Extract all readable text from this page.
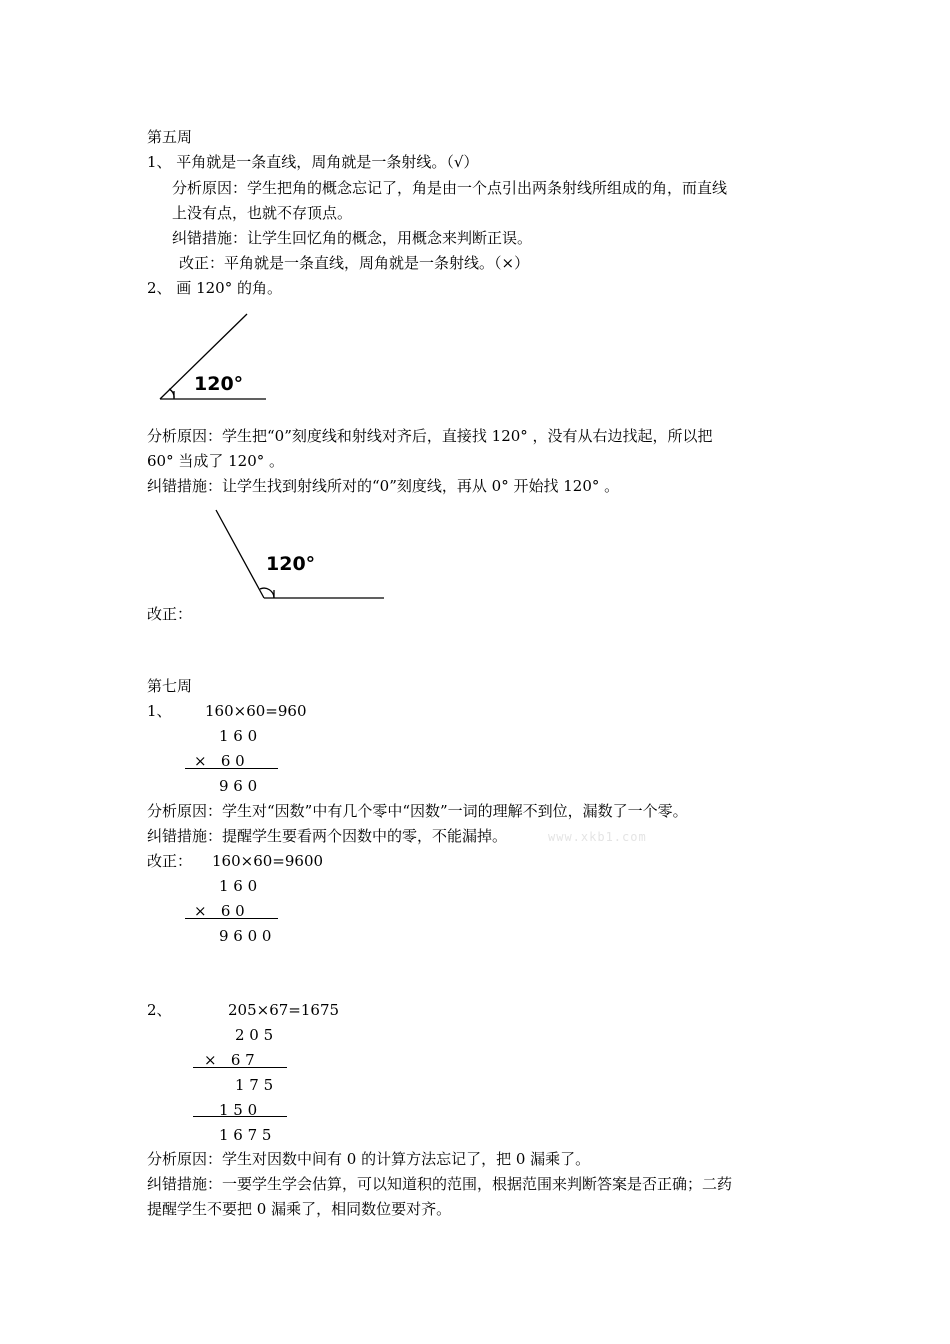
第五周
1、 平角就是一条直线，周角就是一条射线。（√）
分析原因：学生把角的概念忘记了，角是由一个点引出两条射线所组成的角，而直线
上没有点，也就不存顶点。
纠错措施：让学生回忆角的概念，用概念来判断正误。
改正：平角就是一条直线，周角就是一条射线。（×）
2、 画 120° 的角。
120°
分析原因：学生把“0”刻度线和射线对齐后，直接找 120° ，没有从右边找起，所以把
60° 当成了 120° 。
纠错措施：让学生找到射线所对的“0”刻度线，再从 0° 开始找 120° 。
120°
改正：
第七周
1、 160×60=960
1 6 0
×   6 0
9 6 0
分析原因：学生对“因数”中有几个零中“因数”一词的理解不到位，漏数了一个零。
纠错措施：提醒学生要看两个因数中的零，不能漏掉。	www.xkb1.com
改正： 160×60=9600
1 6 0
×   6 0
9 6 0 0
2、	205×67=1675
2 0 5
×   6 7
1 7 5
1 5 0
1 6 7 5
分析原因：学生对因数中间有 0 的计算方法忘记了，把 0 漏乘了。
纠错措施：一要学生学会估算，可以知道积的范围，根据范围来判断答案是否正确；二药
提醒学生不要把 0 漏乘了，相同数位要对齐。
